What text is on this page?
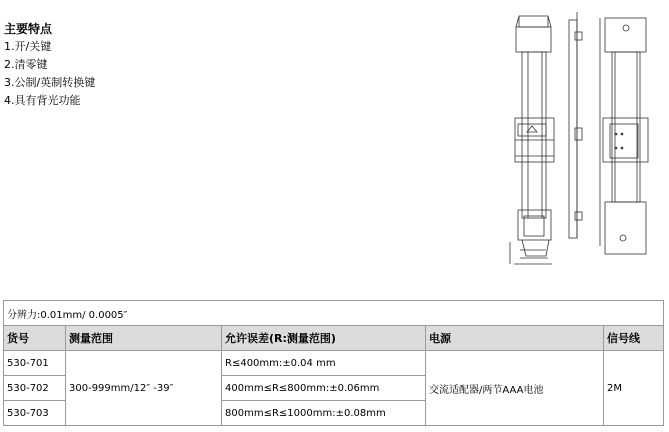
主要特点
1.开/关键
2.清零键
3.公制/英制转换键
4.具有背光功能
分辨力:0.01mm/ 0.0005″				
货号	测量范围	允许误差(R:测量范围)	电源	信号线
530-701	300-999mm/12″ -39″	R≤400mm:±0.04 mm	交流适配器/两节AAA电池	2M
530-702		400mm≤R≤800mm:±0.06mm		
530-703		800mm≤R≤1000mm:±0.08mm		
